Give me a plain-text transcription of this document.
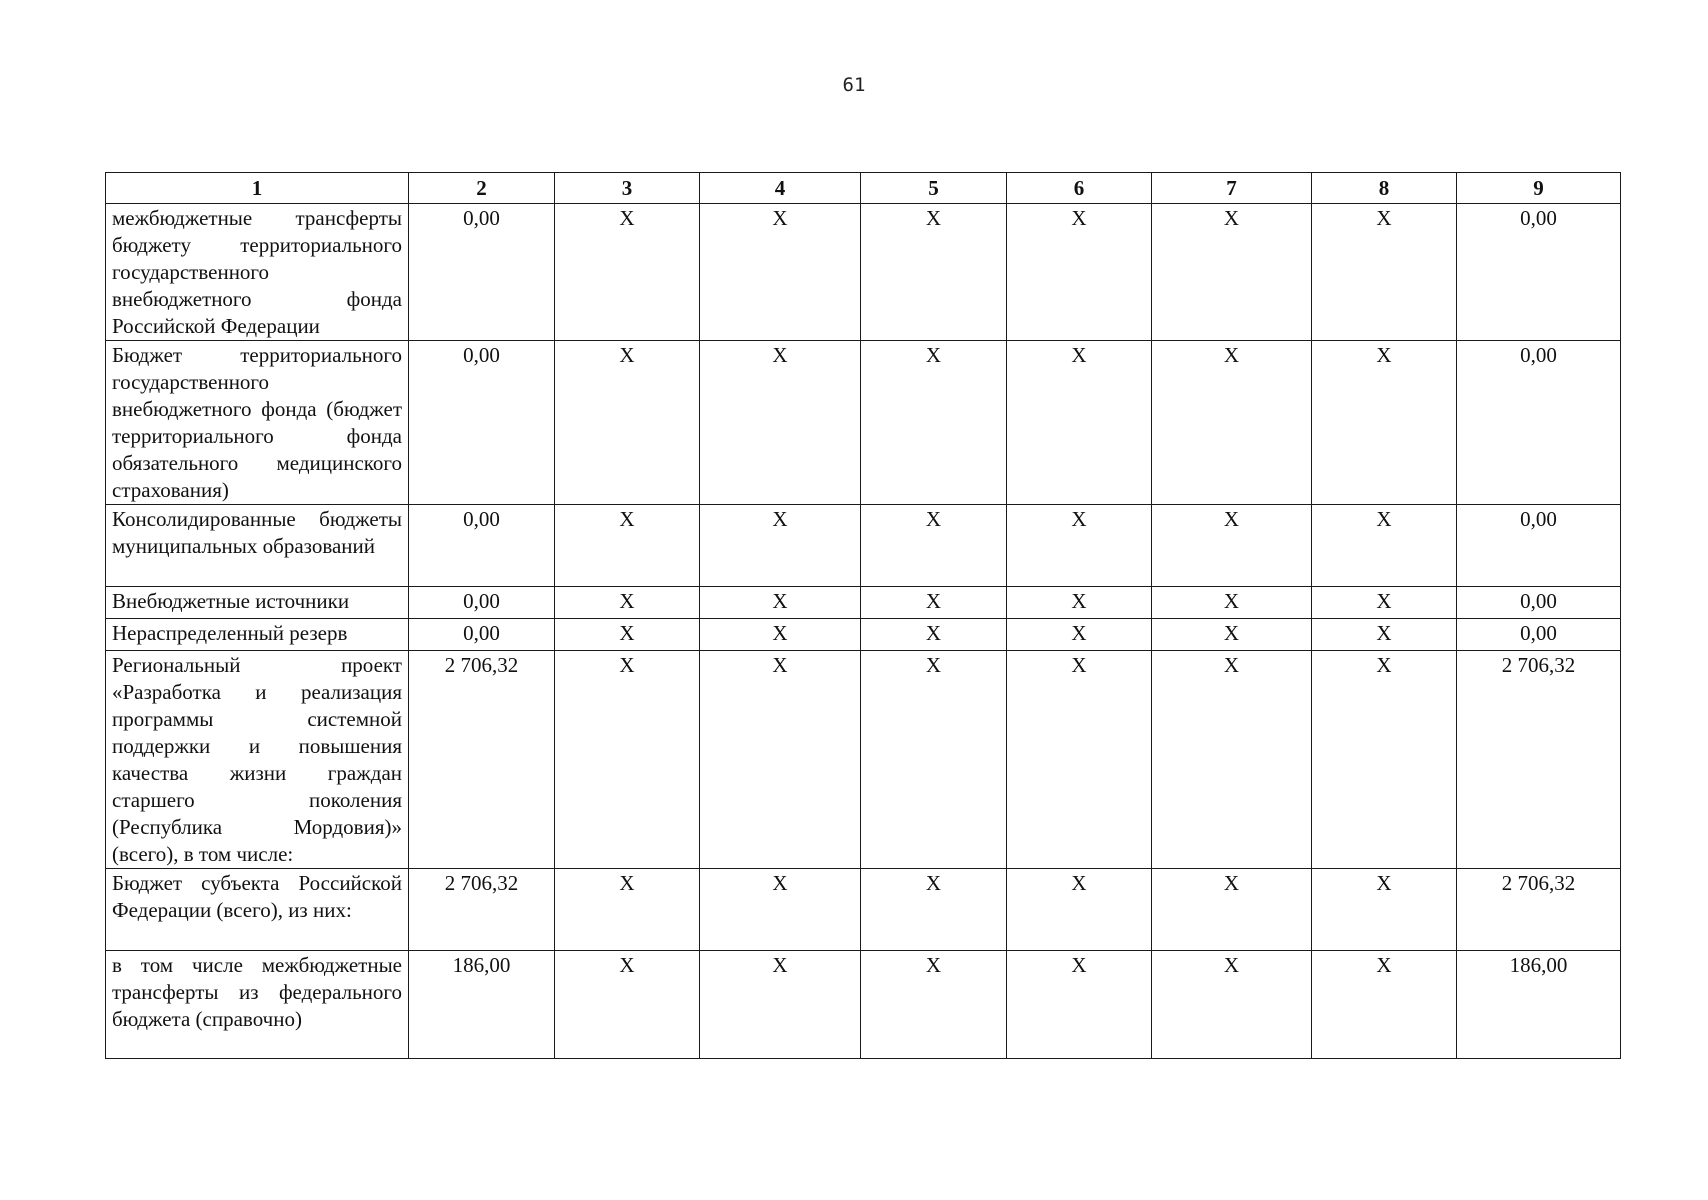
61
1	2	3	4	5	6	7	8	9
межбюджетные трансферты бюджету территориального государственного внебюджетного фонда Российской Федерации	0,00	X	X	X	X	X	X	0,00
Бюджет территориального государственного внебюджетного фонда (бюджет территориального фонда обязательного медицинского страхования)	0,00	X	X	X	X	X	X	0,00
Консолидированные бюджеты муниципальных образований	0,00	X	X	X	X	X	X	0,00
Внебюджетные источники	0,00	X	X	X	X	X	X	0,00
Нераспределенный резерв	0,00	X	X	X	X	X	X	0,00
Региональный проект «Разработка и реализация программы системной поддержки и повышения качества жизни граждан старшего поколения (Республика Мордовия)» (всего), в том числе:	2 706,32	X	X	X	X	X	X	2 706,32
Бюджет субъекта Российской Федерации (всего), из них:	2 706,32	X	X	X	X	X	X	2 706,32
в том числе межбюджетные трансферты из федерального бюджета (справочно)	186,00	X	X	X	X	X	X	186,00
